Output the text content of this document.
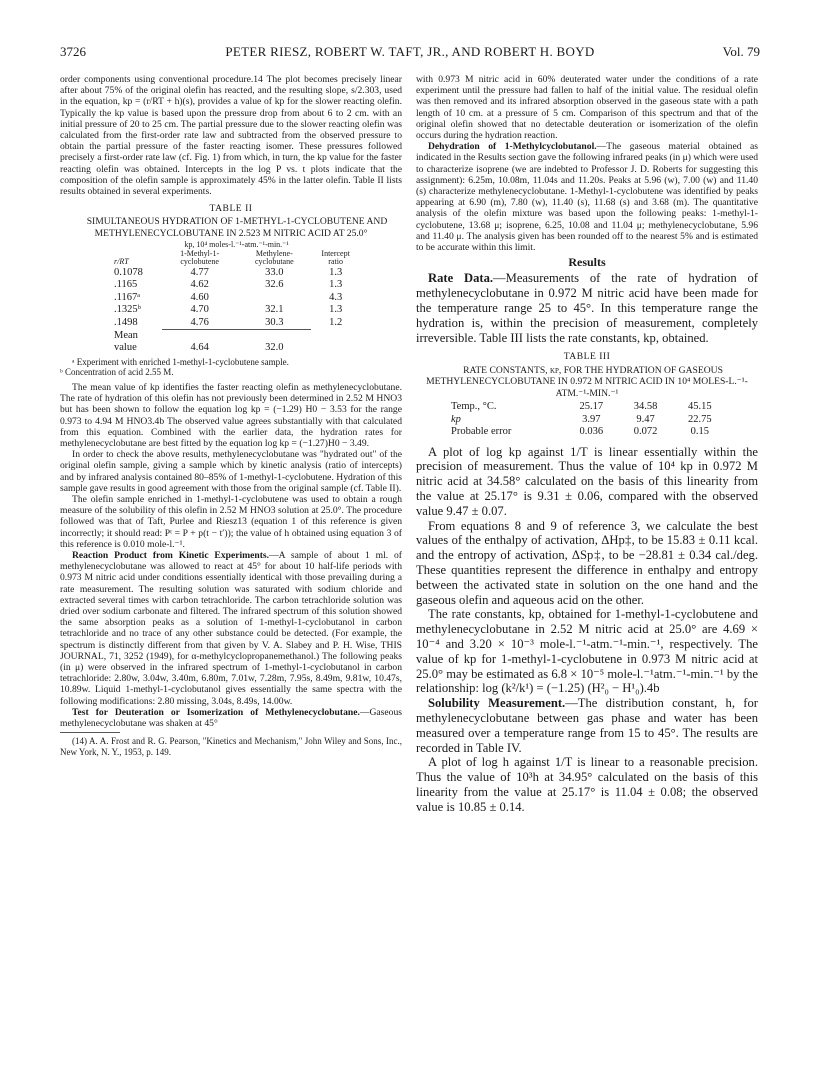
3726	PETER RIESZ, ROBERT W. TAFT, JR., AND ROBERT H. BOYD	Vol. 79

order components using conventional procedure.14 The plot becomes precisely linear after about 75% of the original olefin has reacted, and the resulting slope, s/2.303, used in the equation, kp = (r/RT + h)(s), provides a value of kp for the slower reacting olefin. Typically the kp value is based upon the pressure drop from about 6 to 2 cm. with an initial pressure of 20 to 25 cm. The partial pressure due to the slower reacting olefin was calculated from the first-order rate law and subtracted from the observed pressure to obtain the partial pressure of the faster reacting isomer. These pressures followed precisely a first-order rate law (cf. Fig. 1) from which, in turn, the kp value for the faster reacting olefin was obtained. Intercepts in the log P vs. t plots indicate that the composition of the olefin sample is approximately 45% in the latter olefin. Table II lists results obtained in several experiments.

TABLE II

SIMULTANEOUS HYDRATION OF 1-METHYL-1-CYCLOBUTENE AND METHYLENECYCLOBUTANE IN 2.523 M NITRIC ACID AT 25.0°

	kp, 10⁴ moles-l.⁻¹-atm.⁻¹-min.⁻¹		
r/RT	1-Methyl-1-cyclobutene	Methylene-cyclobutane	Intercept ratio
0.1078	4.77	33.0	1.3
.1165	4.62	32.6	1.3
.1167ᵃ	4.60		4.3
.1325ᵇ	4.70	32.1	1.3
.1498	4.76	30.3	1.2
Mean value	4.64	32.0	

ᵃ Experiment with enriched 1-methyl-1-cyclobutene sample.

ᵇ Concentration of acid 2.55 M.

The mean value of kp identifies the faster reacting olefin as methylenecyclobutane. The rate of hydration of this olefin has not previously been determined in 2.52 M HNO3 but has been shown to follow the equation log kp = (−1.29) H0 − 3.53 for the range 0.973 to 4.94 M HNO3.4b The observed value agrees substantially with that calculated from this equation. Combined with the earlier data, the hydration rates for methylenecyclobutane are best fitted by the equation log kp = (−1.27)H0 − 3.49.

In order to check the above results, methylenecyclobutane was "hydrated out" of the original olefin sample, giving a sample which by kinetic analysis (ratio of intercepts) and by infrared analysis contained 80–85% of 1-methyl-1-cyclobutene. Hydration of this sample gave results in good agreement with those from the original sample (cf. Table II).

The olefin sample enriched in 1-methyl-1-cyclobutene was used to obtain a rough measure of the solubility of this olefin in 2.52 M HNO3 solution at 25.0°. The procedure followed was that of Taft, Purlee and Riesz13 (equation 1 of this reference is given incorrectly; it should read: Pᵗ = P + p(t − t′)); the value of h obtained using equation 3 of this reference is 0.010 mole-l.⁻¹.

Reaction Product from Kinetic Experiments.—A sample of about 1 ml. of methylenecyclobutane was allowed to react at 45° for about 10 half-life periods with 0.973 M nitric acid under conditions essentially identical with those prevailing during a rate measurement. The resulting solution was saturated with sodium chloride and extracted several times with carbon tetrachloride. The carbon tetrachloride solution was dried over sodium carbonate and filtered. The infrared spectrum of this solution showed the same absorption peaks as a solution of 1-methyl-1-cyclobutanol in carbon tetrachloride and no trace of any other substance could be detected. (For example, the spectrum is distinctly different from that given by V. A. Slabey and P. H. Wise, THIS JOURNAL, 71, 3252 (1949), for α-methylcyclopropanemethanol.) The following peaks (in μ) were observed in the infrared spectrum of 1-methyl-1-cyclobutanol in carbon tetrachloride: 2.80w, 3.04w, 3.40m, 6.80m, 7.01w, 7.28m, 7.95s, 8.49m, 9.81w, 10.47s, 10.89w. Liquid 1-methyl-1-cyclobutanol gives essentially the same spectra with the following modifications: 2.80 missing, 3.04s, 8.49s, 14.00w.

Test for Deuteration or Isomerization of Methylenecyclobutane.—Gaseous methylenecyclobutane was shaken at 45°

(14) A. A. Frost and R. G. Pearson, "Kinetics and Mechanism," John Wiley and Sons, Inc., New York, N. Y., 1953, p. 149.

with 0.973 M nitric acid in 60% deuterated water under the conditions of a rate experiment until the pressure had fallen to half of the initial value. The residual olefin was then removed and its infrared absorption observed in the gaseous state with a path length of 10 cm. at a pressure of 5 cm. Comparison of this spectrum and that of the original olefin showed that no detectable deuteration or isomerization of the olefin occurs during the hydration reaction.

Dehydration of 1-Methylcyclobutanol.—The gaseous material obtained as indicated in the Results section gave the following infrared peaks (in μ) which were used to characterize isoprene (we are indebted to Professor J. D. Roberts for suggesting this assignment): 6.25m, 10.08m, 11.04s and 11.20s. Peaks at 5.96 (w), 7.00 (w) and 11.40 (s) characterize methylenecyclobutane. 1-Methyl-1-cyclobutene was identified by peaks appearing at 6.90 (m), 7.80 (w), 11.40 (s), 11.68 (s) and 3.68 (m). The quantitative analysis of the olefin mixture was based upon the following peaks: 1-methyl-1-cyclobutene, 13.68 μ; isoprene, 6.25, 10.08 and 11.04 μ; methylenecyclobutane, 5.96 and 11.40 μ. The analysis given has been rounded off to the nearest 5% and is estimated to be accurate within this limit.

Results

Rate Data.—Measurements of the rate of hydration of methylenecyclobutane in 0.972 M nitric acid have been made for the temperature range 25 to 45°. In this temperature range the hydration is, within the precision of measurement, completely irreversible. Table III lists the rate constants, kp, obtained.

TABLE III

RATE CONSTANTS, kp, FOR THE HYDRATION OF GASEOUS METHYLENECYCLOBUTANE IN 0.972 M NITRIC ACID IN 10⁴ MOLES-L.⁻¹-ATM.⁻¹-MIN.⁻¹

Temp., °C.	25.17	34.58	45.15
kp	3.97	9.47	22.75
Probable error	0.036	0.072	0.15

A plot of log kp against 1/T is linear essentially within the precision of measurement. Thus the value of 10⁴ kp in 0.972 M nitric acid at 34.58° calculated on the basis of this linearity from the value at 25.17° is 9.31 ± 0.06, compared with the observed value 9.47 ± 0.07.

From equations 8 and 9 of reference 3, we calculate the best values of the enthalpy of activation, ΔHp‡, to be 15.83 ± 0.11 kcal. and the entropy of activation, ΔSp‡, to be −28.81 ± 0.34 cal./deg. These quantities represent the difference in enthalpy and entropy between the activated state in solution on the one hand and the gaseous olefin and aqueous acid on the other.

The rate constants, kp, obtained for 1-methyl-1-cyclobutene and methylenecyclobutane in 2.52 M nitric acid at 25.0° are 4.69 × 10⁻⁴ and 3.20 × 10⁻³ mole-l.⁻¹-atm.⁻¹-min.⁻¹, respectively. The value of kp for 1-methyl-1-cyclobutene in 0.973 M nitric acid at 25.0° may be estimated as 6.8 × 10⁻⁵ mole-l.⁻¹atm.⁻¹-min.⁻¹ by the relationship: log (k²/k¹) = (−1.25) (H²₀ − H¹₀).4b

Solubility Measurement.—The distribution constant, h, for methylenecyclobutane between gas phase and water has been measured over a temperature range from 15 to 45°. The results are recorded in Table IV.

A plot of log h against 1/T is linear to a reasonable precision. Thus the value of 10³h at 34.95° calculated on the basis of this linearity from the value at 25.17° is 11.04 ± 0.08; the observed value is 10.85 ± 0.14.
